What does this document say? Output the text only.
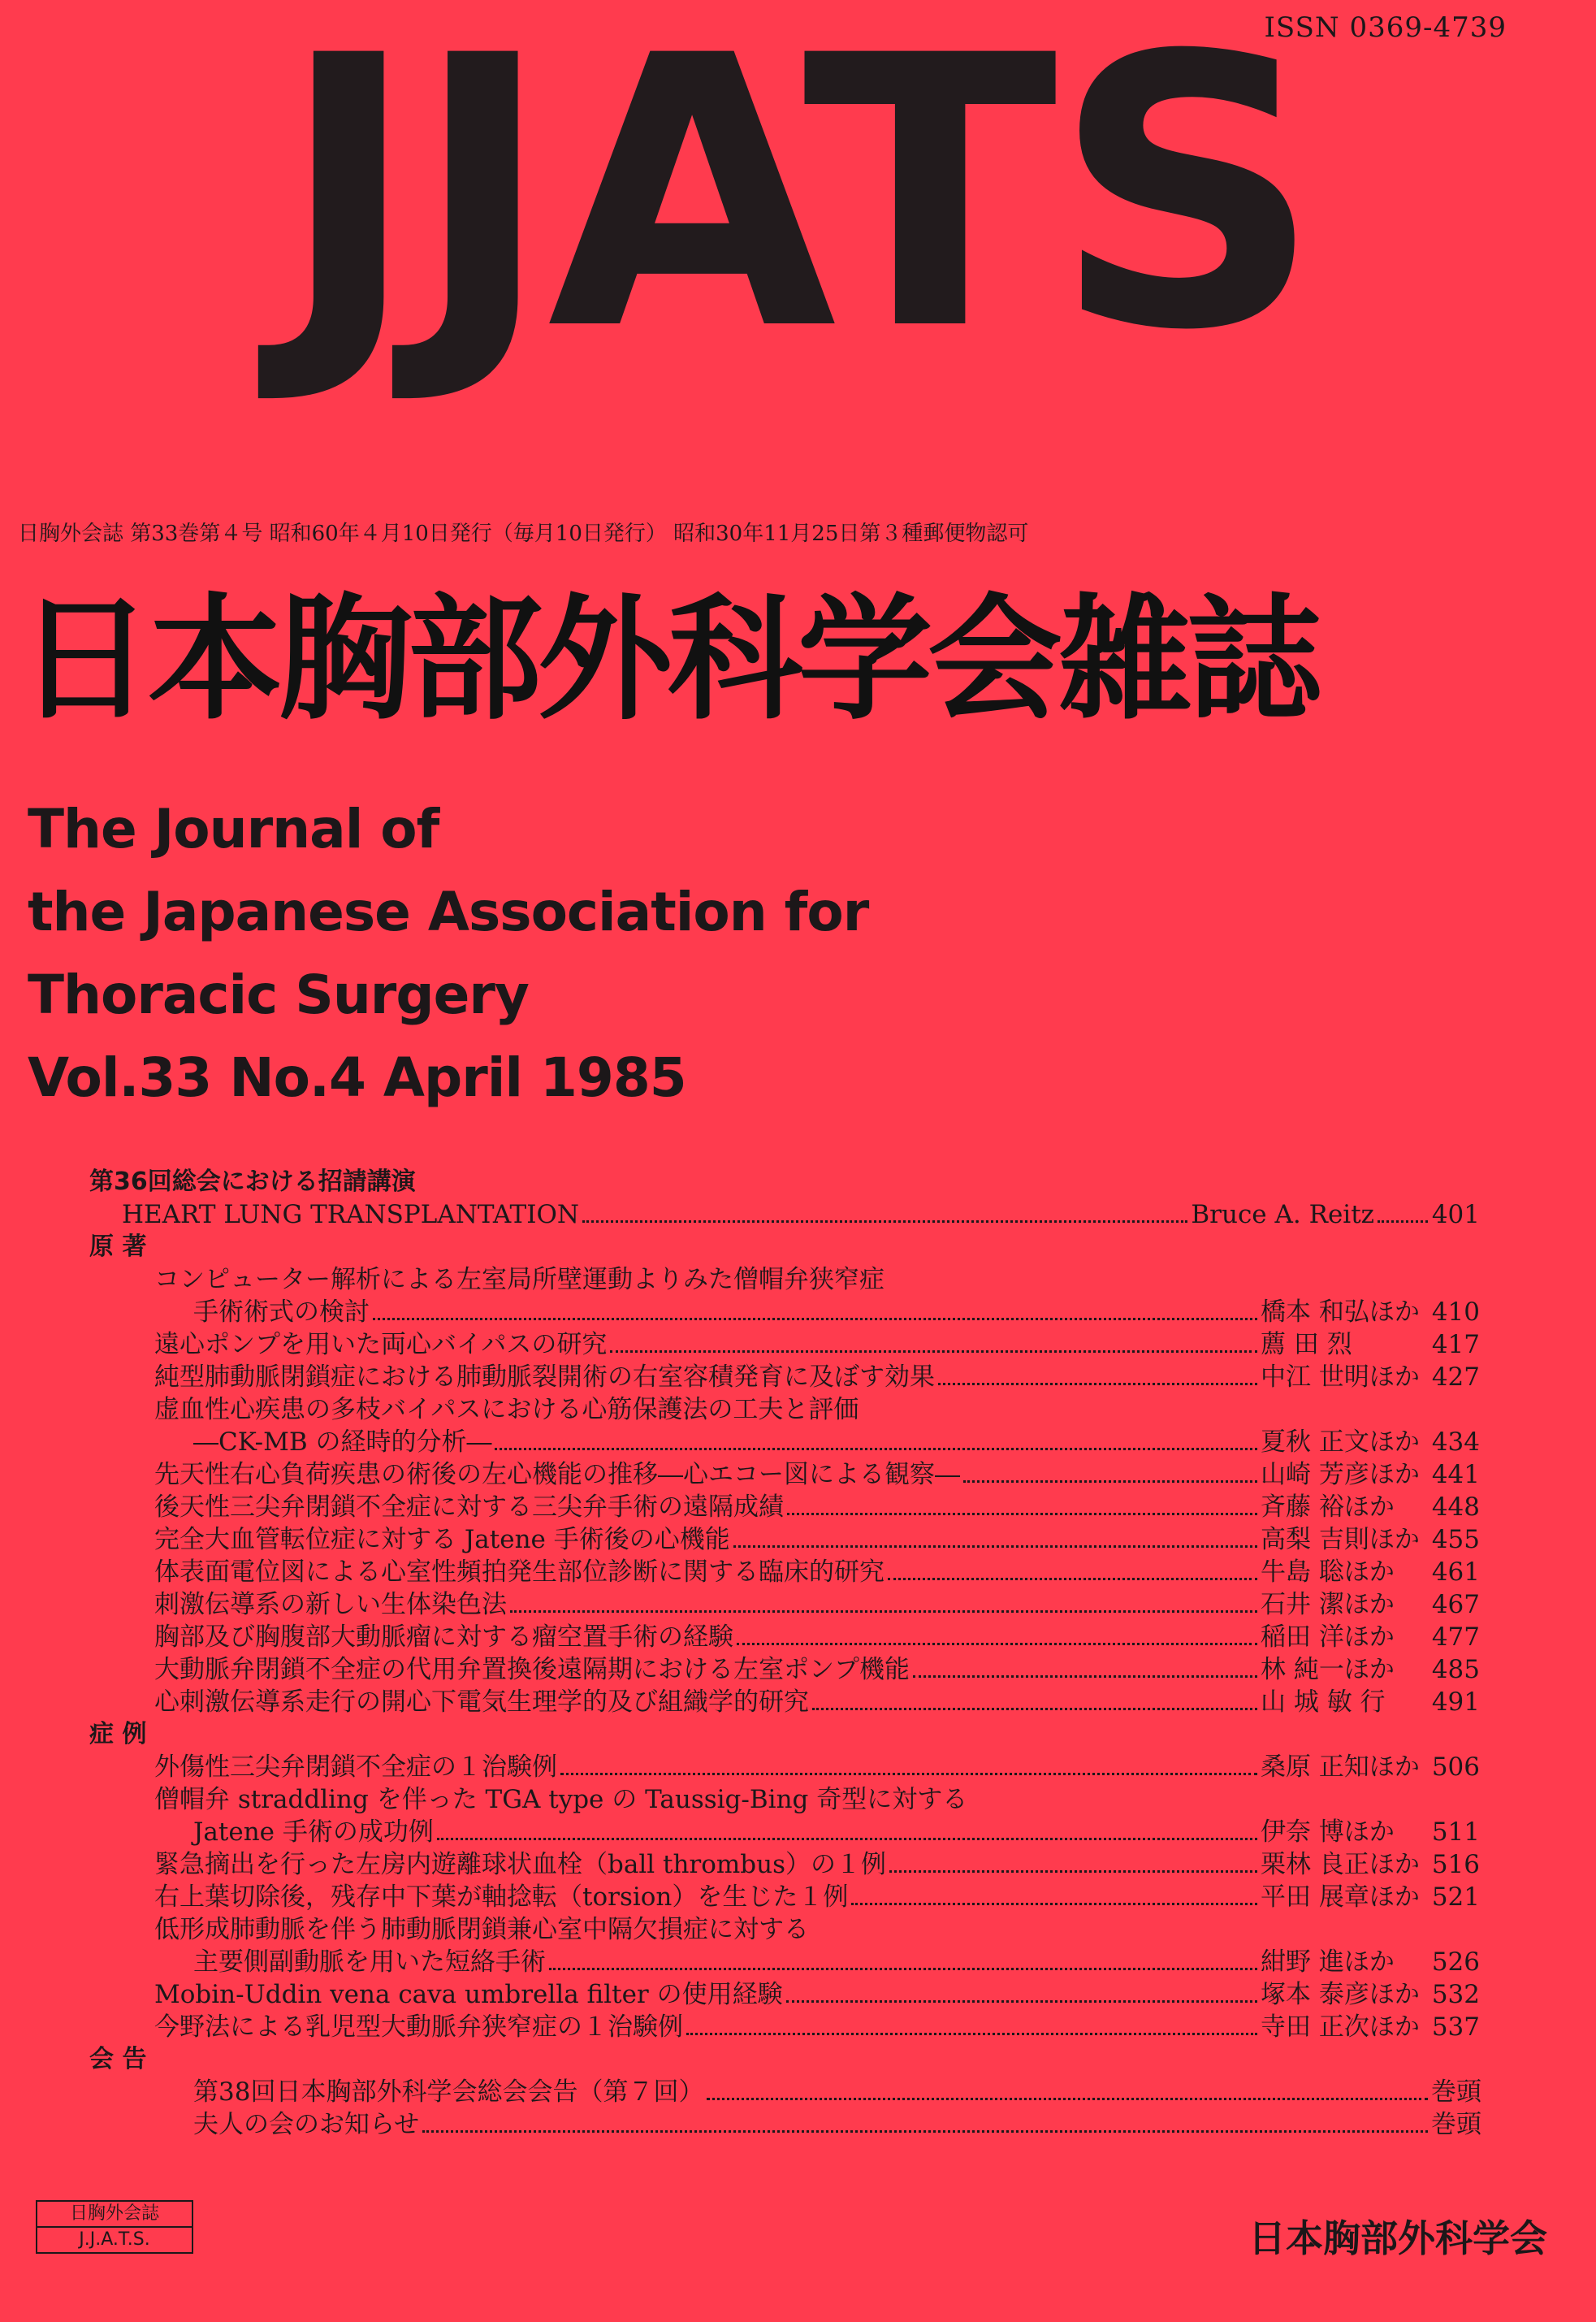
ISSN 0369-4739
JJATS
日胸外会誌 第33巻第４号 昭和60年４月10日発行（毎月10日発行） 昭和30年11月25日第３種郵便物認可
日本胸部外科学会雑誌
The Journal of
the Japanese Association for
Thoracic Surgery
Vol.33 No.4 April 1985
第36回総会における招請講演
HEART LUNG TRANSPLANTATION	Bruce A. Reitz 401
原 著
コンピューター解析による左室局所壁運動よりみた僧帽弁狭窄症
手術術式の検討	橋本 和弘ほか 410
遠心ポンプを用いた両心バイパスの研究	薦 田 烈	417
純型肺動脈閉鎖症における肺動脈裂開術の右室容積発育に及ぼす効果	中江 世明ほか 427
虚血性心疾患の多枝バイパスにおける心筋保護法の工夫と評価
―CK-MB の経時的分析―	夏秋 正文ほか 434
先天性右心負荷疾患の術後の左心機能の推移―心エコー図による観察―	山崎 芳彦ほか 441
後天性三尖弁閉鎖不全症に対する三尖弁手術の遠隔成績	斉藤 裕ほか	448
完全大血管転位症に対する Jatene 手術後の心機能	高梨 吉則ほか 455
体表面電位図による心室性頻拍発生部位診断に関する臨床的研究	牛島 聡ほか	461
刺激伝導系の新しい生体染色法	石井 潔ほか	467
胸部及び胸腹部大動脈瘤に対する瘤空置手術の経験	稲田 洋ほか	477
大動脈弁閉鎖不全症の代用弁置換後遠隔期における左室ポンプ機能	林 純一ほか	485
心刺激伝導系走行の開心下電気生理学的及び組織学的研究	山 城 敏 行	491
症 例
外傷性三尖弁閉鎖不全症の１治験例	桑原 正知ほか 506
僧帽弁 straddling を伴った TGA type の Taussig-Bing 奇型に対する
Jatene 手術の成功例	伊奈 博ほか	511
緊急摘出を行った左房内遊離球状血栓（ball thrombus）の１例	栗林 良正ほか 516
右上葉切除後，残存中下葉が軸捻転（torsion）を生じた１例	平田 展章ほか 521
低形成肺動脈を伴う肺動脈閉鎖兼心室中隔欠損症に対する
主要側副動脈を用いた短絡手術	紺野 進ほか	526
Mobin-Uddin vena cava umbrella filter の使用経験	塚本 泰彦ほか 532
今野法による乳児型大動脈弁狭窄症の１治験例	寺田 正次ほか 537
会 告
第38回日本胸部外科学会総会会告（第７回）	巻頭
夫人の会のお知らせ	巻頭
日胸外会誌
J.J.A.T.S.	日本胸部外科学会
